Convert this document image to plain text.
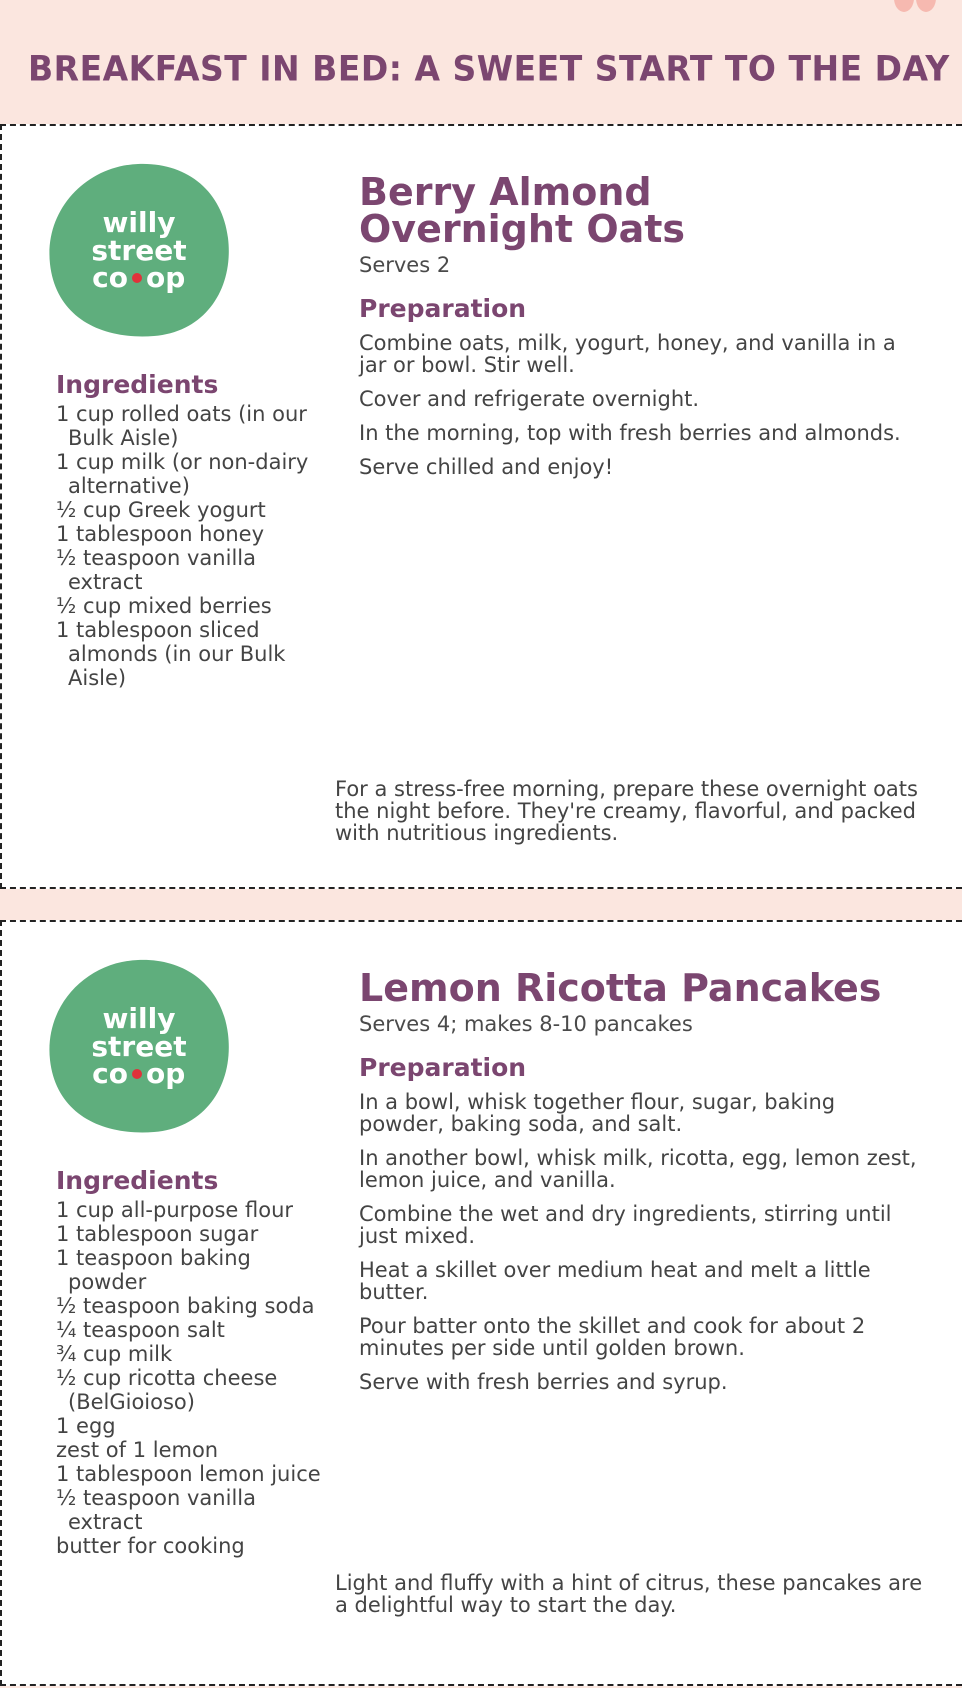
BREAKFAST IN BED: A SWEET START TO THE DAY
willy
street
co op
Ingredients
1 cup rolled oats (in our Bulk Aisle)
1 cup milk (or non-dairy alternative)
½ cup Greek yogurt
1 tablespoon honey
½ teaspoon vanilla extract
½ cup mixed berries
1 tablespoon sliced almonds (in our Bulk Aisle)
Berry Almond Overnight Oats
Serves 2
Preparation
Combine oats, milk, yogurt, honey, and vanilla in a jar or bowl. Stir well.
Cover and refrigerate overnight.
In the morning, top with fresh berries and almonds.
Serve chilled and enjoy!

For a stress-free morning, prepare these overnight oats the night before. They're creamy, flavorful, and packed with nutritious ingredients.

willy
street
co op
Ingredients
1 cup all-purpose flour
1 tablespoon sugar
1 teaspoon baking powder
½ teaspoon baking soda
¼ teaspoon salt
¾ cup milk
½ cup ricotta cheese (BelGioioso)
1 egg
zest of 1 lemon
1 tablespoon lemon juice
½ teaspoon vanilla extract
butter for cooking
Lemon Ricotta Pancakes
Serves 4; makes 8-10 pancakes
Preparation
In a bowl, whisk together flour, sugar, baking powder, baking soda, and salt.
In another bowl, whisk milk, ricotta, egg, lemon zest, lemon juice, and vanilla.
Combine the wet and dry ingredients, stirring until just mixed.
Heat a skillet over medium heat and melt a little butter.
Pour batter onto the skillet and cook for about 2 minutes per side until golden brown.
Serve with fresh berries and syrup.

Light and fluffy with a hint of citrus, these pancakes are a delightful way to start the day.
